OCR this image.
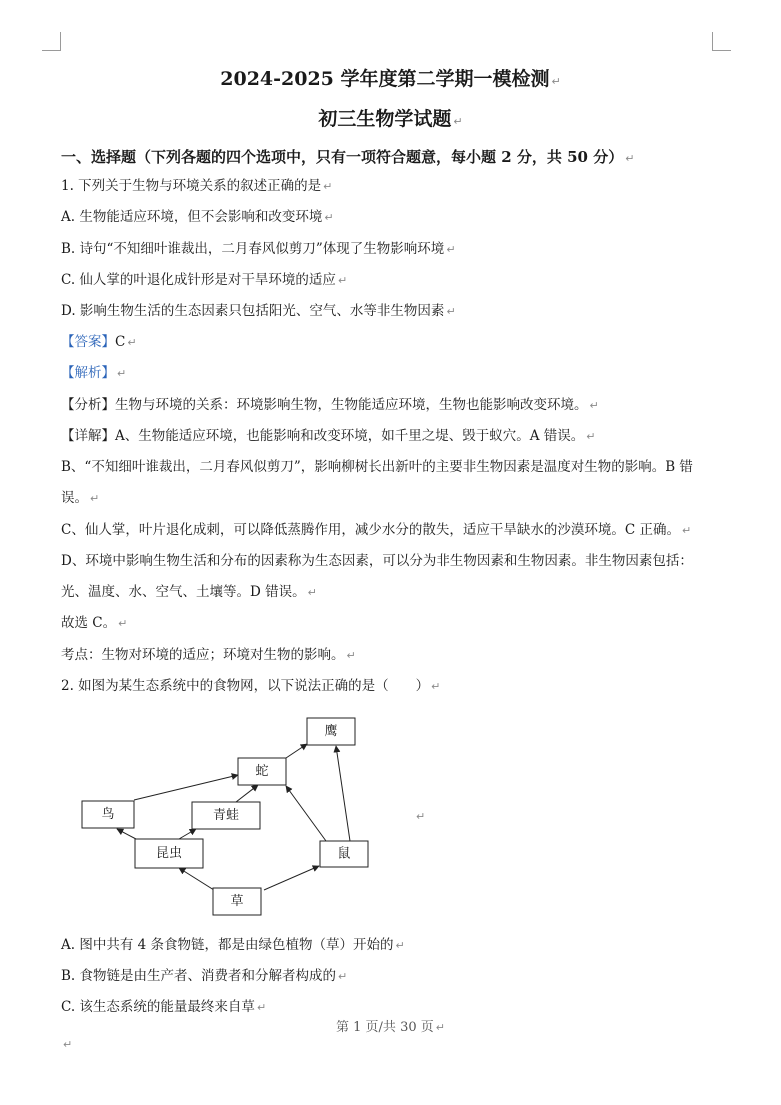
2024-2025 学年度第二学期一模检测 ↵
初三生物学试题 ↵
一、选择题（下列各题的四个选项中，只有一项符合题意，每小题 2 分，共 50 分） ↵
1. 下列关于生物与环境关系的叙述正确的是 ↵
A. 生物能适应环境，但不会影响和改变环境 ↵
B. 诗句“不知细叶谁裁出，二月春风似剪刀”体现了生物影响环境 ↵
C. 仙人掌的叶退化成针形是对干旱环境的适应 ↵
D. 影响生物生活的生态因素只包括阳光、空气、水等非生物因素 ↵
【答案】C ↵
【解析】 ↵
【分析】生物与环境的关系：环境影响生物，生物能适应环境，生物也能影响改变环境。 ↵
【详解】A、生物能适应环境，也能影响和改变环境，如千里之堤、毁于蚁穴。A 错误。 ↵
B、“不知细叶谁裁出，二月春风似剪刀”，影响柳树长出新叶的主要非生物因素是温度对生物的影响。B 错
误。 ↵
C、仙人掌，叶片退化成刺，可以降低蒸腾作用，减少水分的散失，适应干旱缺水的沙漠环境。C 正确。 ↵
D、环境中影响生物生活和分布的因素称为生态因素，可以分为非生物因素和生物因素。非生物因素包括：
光、温度、水、空气、土壤等。D 错误。 ↵
故选 C。 ↵
考点：生物对环境的适应；环境对生物的影响。 ↵
2. 如图为某生态系统中的食物网，以下说法正确的是（　　） ↵
鹰
蛇
鸟	青蛙
昆虫	鼠
草
↵
A. 图中共有 4 条食物链，都是由绿色植物（草）开始的 ↵
B. 食物链是由生产者、消费者和分解者构成的 ↵
C. 该生态系统的能量最终来自草 ↵
第 1 页/共 30 页 ↵
↵
